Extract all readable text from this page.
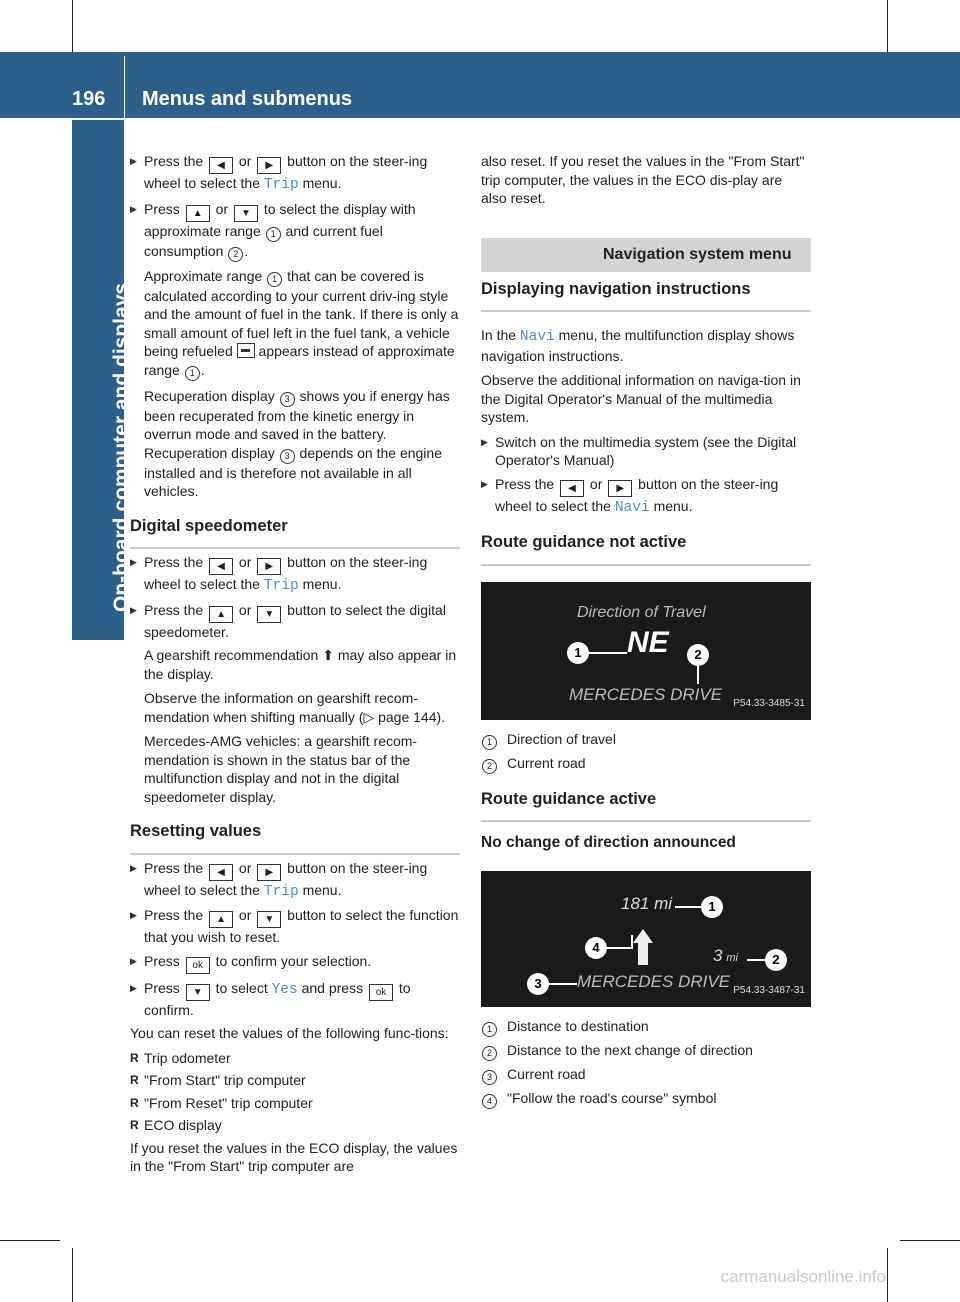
196 Menus and submenus
On-board computer and displays
▶ Press the ◀ or ▶ button on the steer-ing wheel to select the Trip menu.
▶ Press ▲ or ▼ to select the display with approximate range 1 and current fuel consumption 2 .
Approximate range 1 that can be covered is calculated according to your current driv-ing style and the amount of fuel in the tank. If there is only a small amount of fuel left in the fuel tank, a vehicle being refueled appears instead of approximate range 1 .
Recuperation display 3 shows you if energy has been recuperated from the kinetic energy in overrun mode and saved in the battery. Recuperation display 3 depends on the engine installed and is therefore not available in all vehicles.
Digital speedometer
▶ Press the ◀ or ▶ button on the steer-ing wheel to select the Trip menu.
▶ Press the ▲ or ▼ button to select the digital speedometer.
A gearshift recommendation ⬆ may also appear in the display.
Observe the information on gearshift recom-mendation when shifting manually (▷ page 144).
Mercedes-AMG vehicles: a gearshift recom-mendation is shown in the status bar of the multifunction display and not in the digital speedometer display.
Resetting values
▶ Press the ◀ or ▶ button on the steer-ing wheel to select the Trip menu.
▶ Press the ▲ or ▼ button to select the function that you wish to reset.
▶ Press ok to confirm your selection.
▶ Press ▼ to select Yes and press ok to confirm.
You can reset the values of the following func-tions:
R Trip odometer
R "From Start" trip computer
R "From Reset" trip computer
R ECO display
If you reset the values in the ECO display, the values in the "From Start" trip computer are
also reset. If you reset the values in the "From Start" trip computer, the values in the ECO dis-play are also reset.
Navigation system menu
Displaying navigation instructions
In the Navi menu, the multifunction display shows navigation instructions.
Observe the additional information on naviga-tion in the Digital Operator's Manual of the multimedia system.
▶ Switch on the multimedia system (see the Digital Operator's Manual)
▶ Press the ◀ or ▶ button on the steer-ing wheel to select the Navi menu.
Route guidance not active
Direction of Travel
1 NE	2
MERCEDES DRIVE P54.33-3485-31
1	Direction of travel
2	Current road
Route guidance active
No change of direction announced
181 mi	1
4	3 mi	2
3	MERCEDES DRIVE P54.33-3487-31
1	Distance to destination
2	Distance to the next change of direction
3	Current road
4	"Follow the road's course" symbol
carmanualsonline.info
